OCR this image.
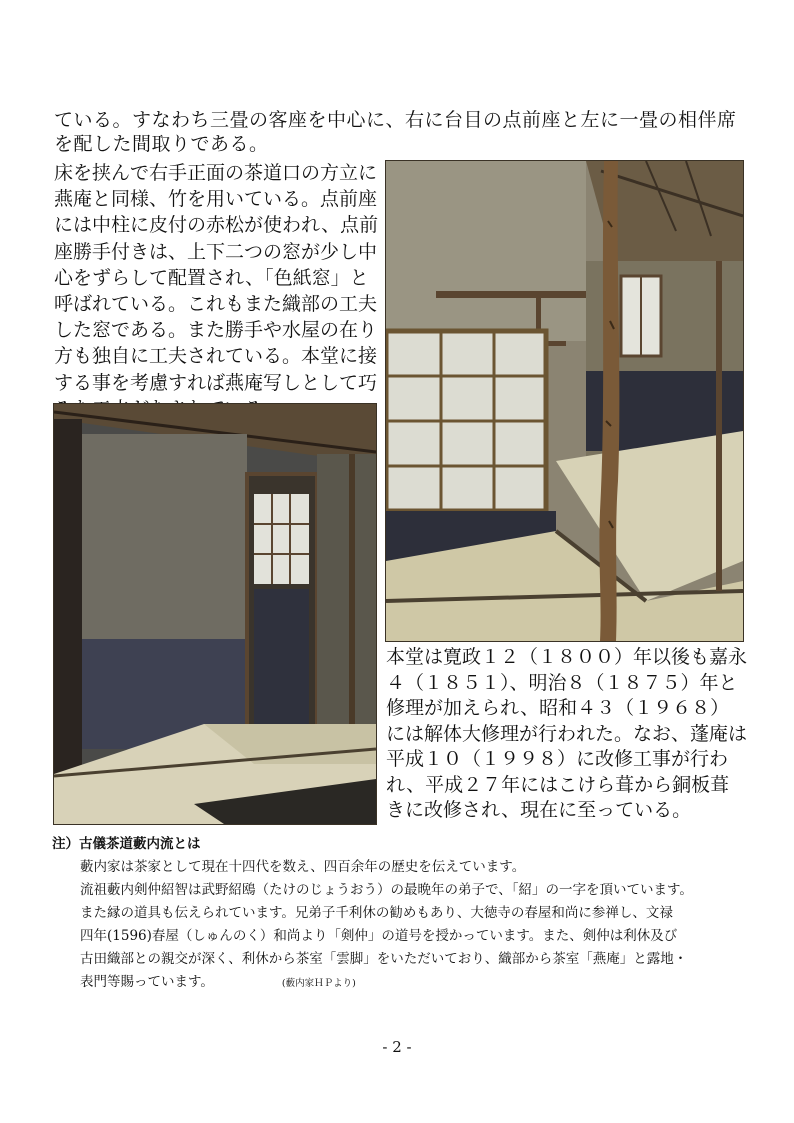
ている。すなわち三畳の客座を中心に、右に台目の点前座と左に一畳の相伴席を配した間取りである。

床を挟んで右手正面の茶道口の方立に燕庵と同様、竹を用いている。点前座には中柱に皮付の赤松が使われ、点前座勝手付きは、上下二つの窓が少し中心をずらして配置され、「色紙窓」と呼ばれている。これもまた織部の工夫した窓である。また勝手や水屋の在り方も独自に工夫されている。本堂に接する事を考慮すれば燕庵写しとして巧

本堂は寛政１２（１８００）年以後も嘉永４（１８５１）、明治８（１８７５）年と修理が加えられ、昭和４３（１９６８）には解体大修理が行われた。なお、蓬庵は平成１０（１９９８）に改修工事が行われ、平成２７年にはこけら葺から銅板葺きに改修され、現在に至っている。

注）古儀茶道藪内流とは
藪内家は茶家として現在十四代を数え、四百余年の歴史を伝えています。
流祖藪内剣仲紹智は武野紹鴎（たけのじょうおう）の最晩年の弟子で、「紹」の一字を頂いています。
また縁の道具も伝えられています。兄弟子千利休の勧めもあり、大徳寺の春屋和尚に参禅し、文禄
四年(1596)春屋（しゅんのく）和尚より「剣仲」の道号を授かっています。また、剣仲は利休及び
古田織部との親交が深く、利休から茶室「雲脚」をいただいており、織部から茶室「燕庵」と露地・
表門等賜っています。	(藪内家ＨＰより)
- 2 -
